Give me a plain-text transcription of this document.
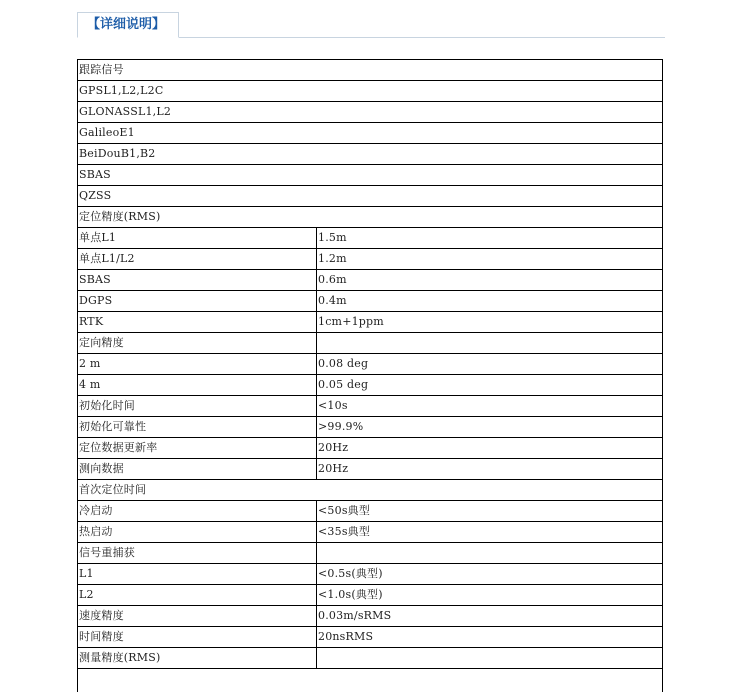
【详细说明】
跟踪信号	
GPSL1,L2,L2C	
GLONASSL1,L2	
GalileoE1	
BeiDouB1,B2	
SBAS	
QZSS	
定位精度(RMS)	
单点L1	1.5m
单点L1/L2	1.2m
SBAS	0.6m
DGPS	0.4m
RTK	1cm+1ppm
定向精度	
2 m	0.08 deg
4 m	0.05 deg
初始化时间	<10s
初始化可靠性	>99.9%
定位数据更新率	20Hz
测向数据	20Hz
首次定位时间	
冷启动	<50s典型
热启动	<35s典型
信号重捕获	
L1	<0.5s(典型)
L2	<1.0s(典型)
速度精度	0.03m/sRMS
时间精度	20nsRMS
测量精度(RMS)	
